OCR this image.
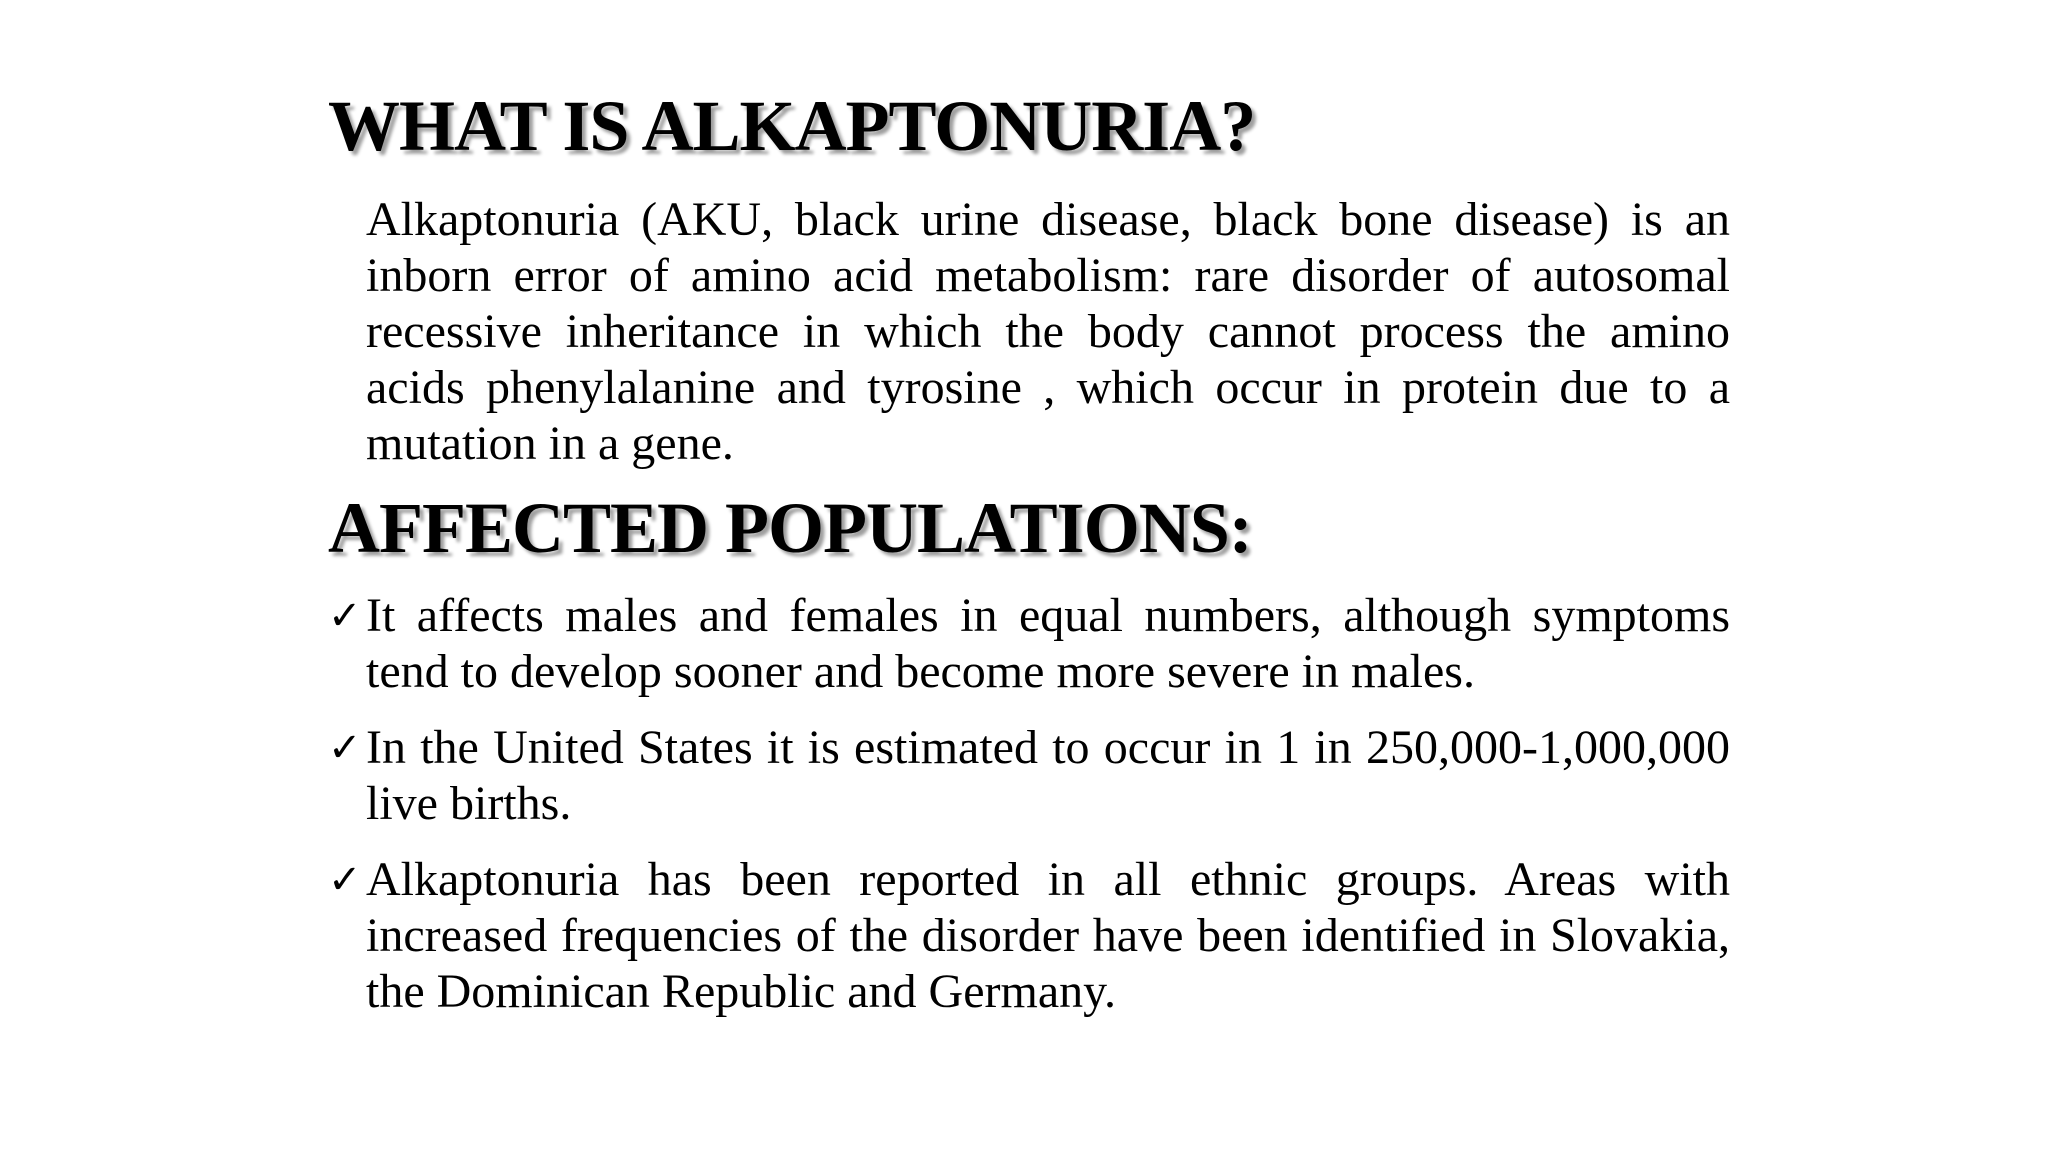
WHAT IS ALKAPTONURIA?

Alkaptonuria (AKU, black urine disease, black bone disease) is an inborn error of amino acid metabolism: rare disorder of autosomal recessive inheritance in which the body cannot process the amino acids phenylalanine and tyrosine , which occur in protein due to a mutation in a gene.

AFFECTED POPULATIONS:
✓ It affects males and females in equal numbers, although symptoms tend to develop sooner and become more severe in males.
✓ In the United States it is estimated to occur in 1 in 250,000-1,000,000 live births.
✓ Alkaptonuria has been reported in all ethnic groups. Areas with increased frequencies of the disorder have been identified in Slovakia, the Dominican Republic and Germany.
